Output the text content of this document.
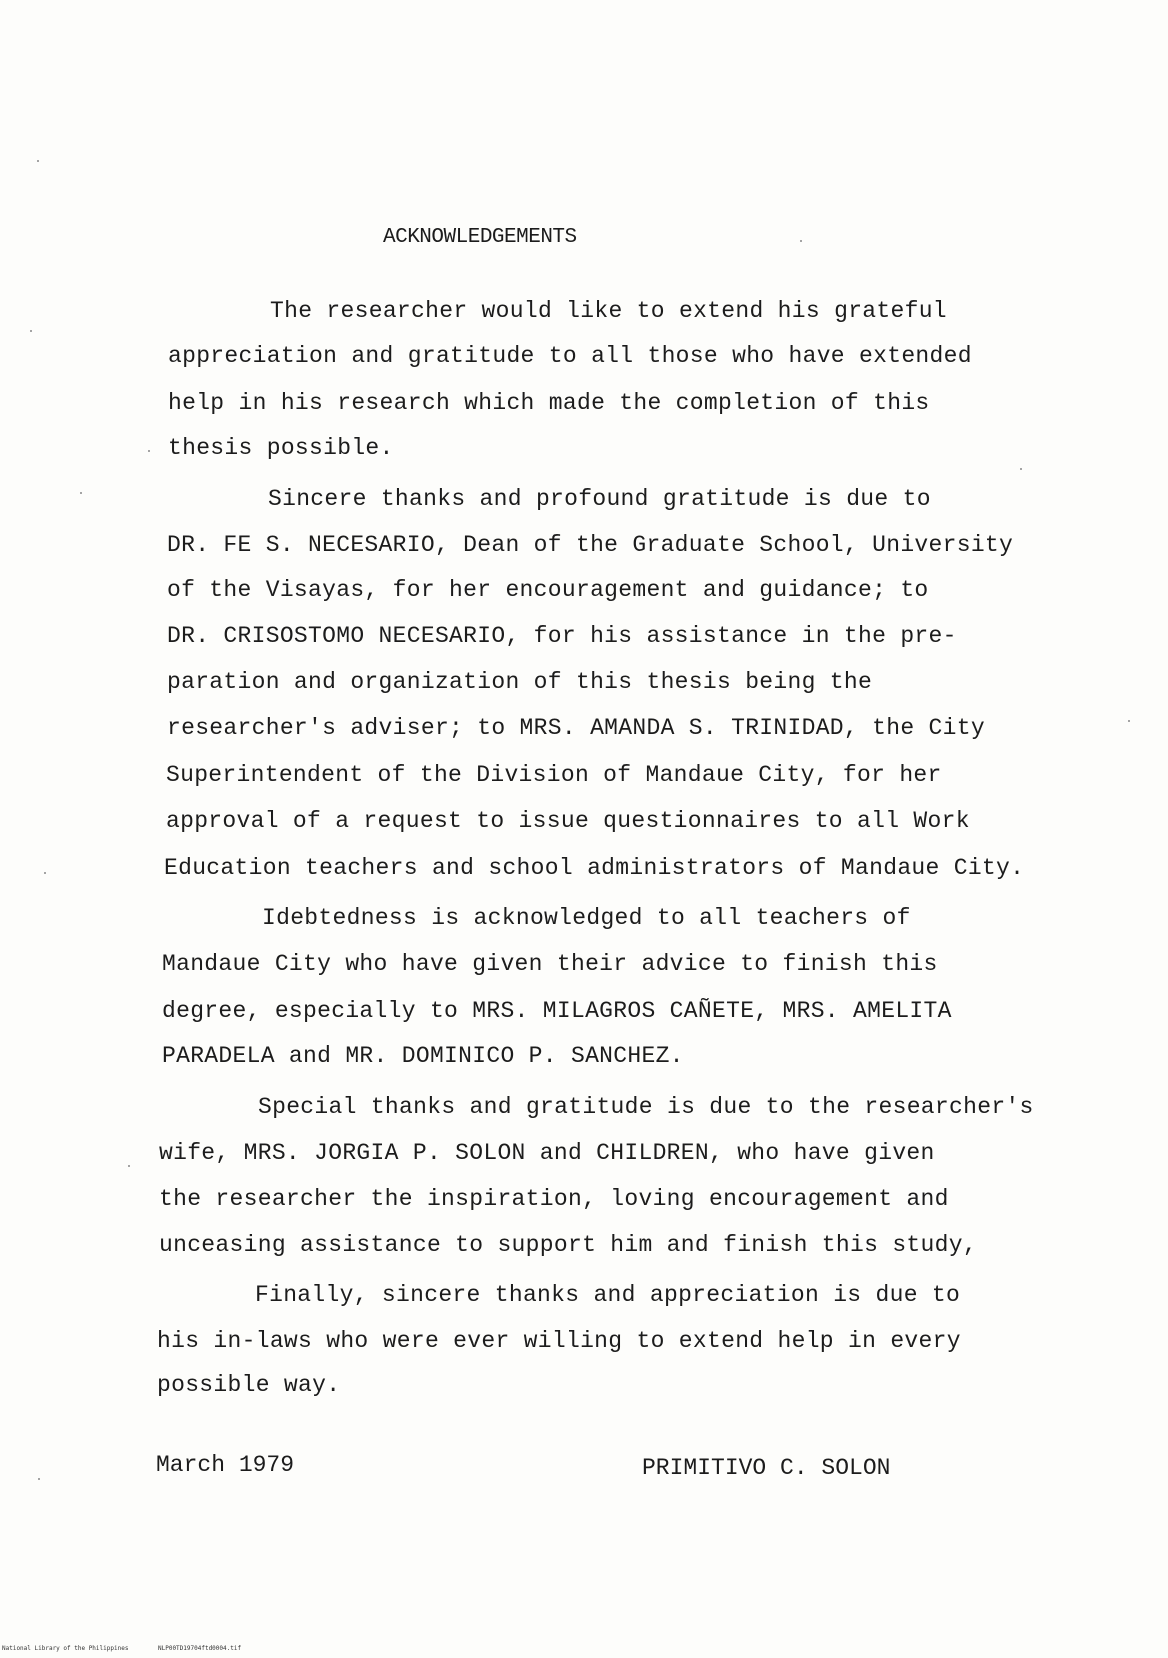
ACKNOWLEDGEMENTS
The researcher would like to extend his grateful
appreciation and gratitude to all those who have extended
help in his research which made the completion of this
thesis possible.
Sincere thanks and profound gratitude is due to
DR. FE S. NECESARIO, Dean of the Graduate School, University
of the Visayas, for her encouragement and guidance; to
DR. CRISOSTOMO NECESARIO, for his assistance in the pre-
paration and organization of this thesis being the
researcher's adviser; to MRS. AMANDA S. TRINIDAD, the City
Superintendent of the Division of Mandaue City, for her
approval of a request to issue questionnaires to all Work
Education teachers and school administrators of Mandaue City.
Idebtedness is acknowledged to all teachers of
Mandaue City who have given their advice to finish this
degree, especially to MRS. MILAGROS CAÑETE, MRS. AMELITA
PARADELA and MR. DOMINICO P. SANCHEZ.
Special thanks and gratitude is due to the researcher's
wife, MRS. JORGIA P. SOLON and CHILDREN, who have given
the researcher the inspiration, loving encouragement and
unceasing assistance to support him and finish this study,
Finally, sincere thanks and appreciation is due to
his in-laws who were ever willing to extend help in every
possible way.
March 1979	PRIMITIVO C. SOLON
National Library of the Philippines	NLP00TD19704ftd0004.tif
